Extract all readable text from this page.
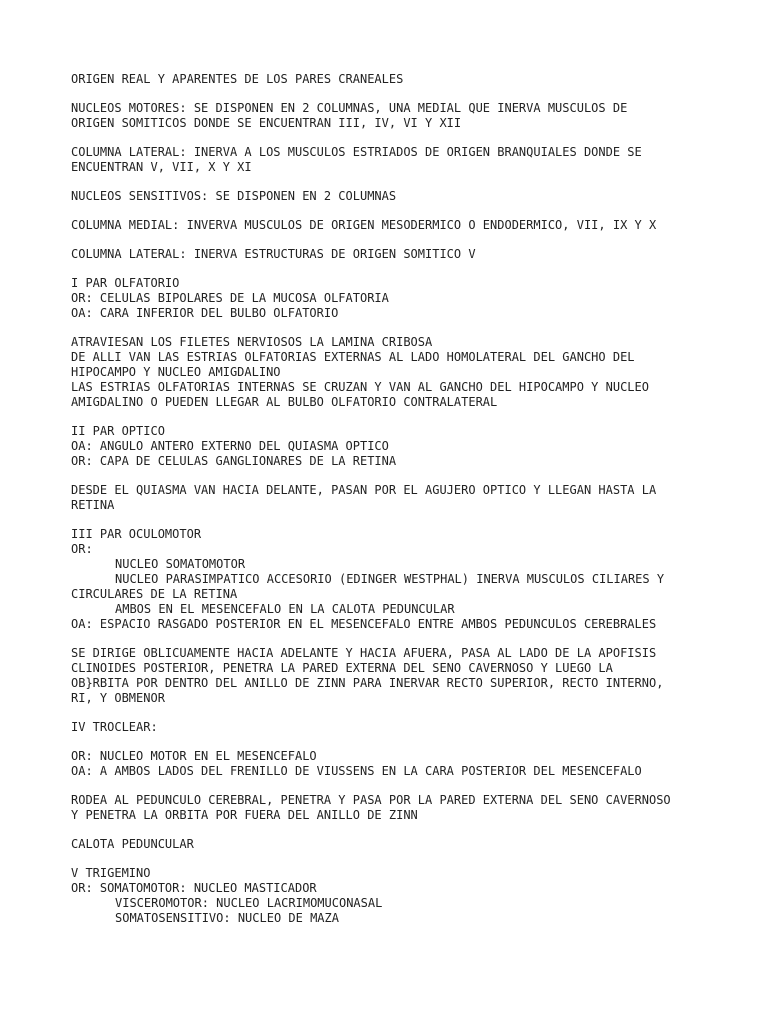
ORIGEN REAL Y APARENTES DE LOS PARES CRANEALES
NUCLEOS MOTORES: SE DISPONEN EN 2 COLUMNAS, UNA MEDIAL QUE INERVA MUSCULOS DE
ORIGEN SOMITICOS DONDE SE ENCUENTRAN III, IV, VI Y XII
COLUMNA LATERAL: INERVA A LOS MUSCULOS ESTRIADOS DE ORIGEN BRANQUIALES DONDE SE
ENCUENTRAN V, VII, X Y XI
NUCLEOS SENSITIVOS: SE DISPONEN EN 2 COLUMNAS
COLUMNA MEDIAL: INVERVA MUSCULOS DE ORIGEN MESODERMICO O ENDODERMICO, VII, IX Y X
COLUMNA LATERAL: INERVA ESTRUCTURAS DE ORIGEN SOMITICO V
I PAR OLFATORIO
OR: CELULAS BIPOLARES DE LA MUCOSA OLFATORIA
OA: CARA INFERIOR DEL BULBO OLFATORIO
ATRAVIESAN LOS FILETES NERVIOSOS LA LAMINA CRIBOSA
DE ALLI VAN LAS ESTRIAS OLFATORIAS EXTERNAS AL LADO HOMOLATERAL DEL GANCHO DEL
HIPOCAMPO Y NUCLEO AMIGDALINO
LAS ESTRIAS OLFATORIAS INTERNAS SE CRUZAN Y VAN AL GANCHO DEL HIPOCAMPO Y NUCLEO
AMIGDALINO O PUEDEN LLEGAR AL BULBO OLFATORIO CONTRALATERAL
II PAR OPTICO
OA: ANGULO ANTERO EXTERNO DEL QUIASMA OPTICO
OR: CAPA DE CELULAS GANGLIONARES DE LA RETINA
DESDE EL QUIASMA VAN HACIA DELANTE, PASAN POR EL AGUJERO OPTICO Y LLEGAN HASTA LA
RETINA
III PAR OCULOMOTOR
OR:
NUCLEO SOMATOMOTOR
NUCLEO PARASIMPATICO ACCESORIO (EDINGER WESTPHAL) INERVA MUSCULOS CILIARES Y
CIRCULARES DE LA RETINA
AMBOS EN EL MESENCEFALO EN LA CALOTA PEDUNCULAR
OA: ESPACIO RASGADO POSTERIOR EN EL MESENCEFALO ENTRE AMBOS PEDUNCULOS CEREBRALES
SE DIRIGE OBLICUAMENTE HACIA ADELANTE Y HACIA AFUERA, PASA AL LADO DE LA APOFISIS
CLINOIDES POSTERIOR, PENETRA LA PARED EXTERNA DEL SENO CAVERNOSO Y LUEGO LA
OB}RBITA POR DENTRO DEL ANILLO DE ZINN PARA INERVAR RECTO SUPERIOR, RECTO INTERNO,
RI, Y OBMENOR
IV TROCLEAR:
OR: NUCLEO MOTOR EN EL MESENCEFALO
OA: A AMBOS LADOS DEL FRENILLO DE VIUSSENS EN LA CARA POSTERIOR DEL MESENCEFALO
RODEA AL PEDUNCULO CEREBRAL, PENETRA Y PASA POR LA PARED EXTERNA DEL SENO CAVERNOSO
Y PENETRA LA ORBITA POR FUERA DEL ANILLO DE ZINN
CALOTA PEDUNCULAR
V TRIGEMINO
OR: SOMATOMOTOR: NUCLEO MASTICADOR
VISCEROMOTOR: NUCLEO LACRIMOMUCONASAL
SOMATOSENSITIVO: NUCLEO DE MAZA
